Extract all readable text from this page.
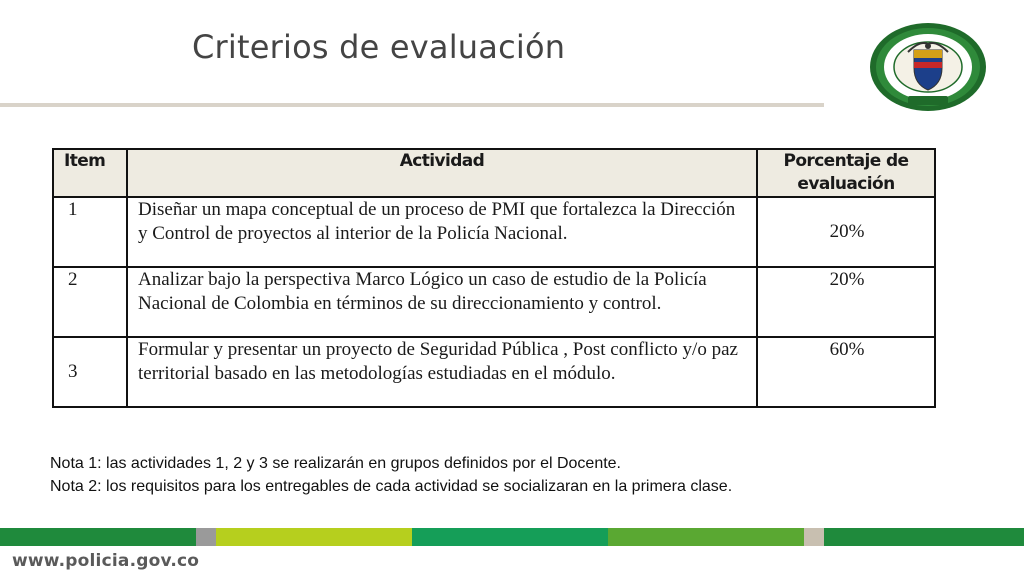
Criterios de evaluación
Item	Actividad	Porcentaje de
evaluación
1	Diseñar un mapa conceptual de un proceso de PMI que fortalezca la Dirección y Control de proyectos al interior de la Policía Nacional.	20%
2	Analizar bajo la perspectiva Marco Lógico un caso de estudio de la Policía Nacional de Colombia en términos de su direccionamiento y control.	20%
3	Formular y presentar un proyecto de Seguridad Pública , Post conflicto y/o paz territorial basado en las metodologías estudiadas en el módulo.	60%
Nota 1: las actividades 1, 2 y 3 se realizarán en grupos definidos por el Docente.
Nota 2: los requisitos para los entregables de cada actividad se socializaran en la primera clase.
www.policia.gov.co
